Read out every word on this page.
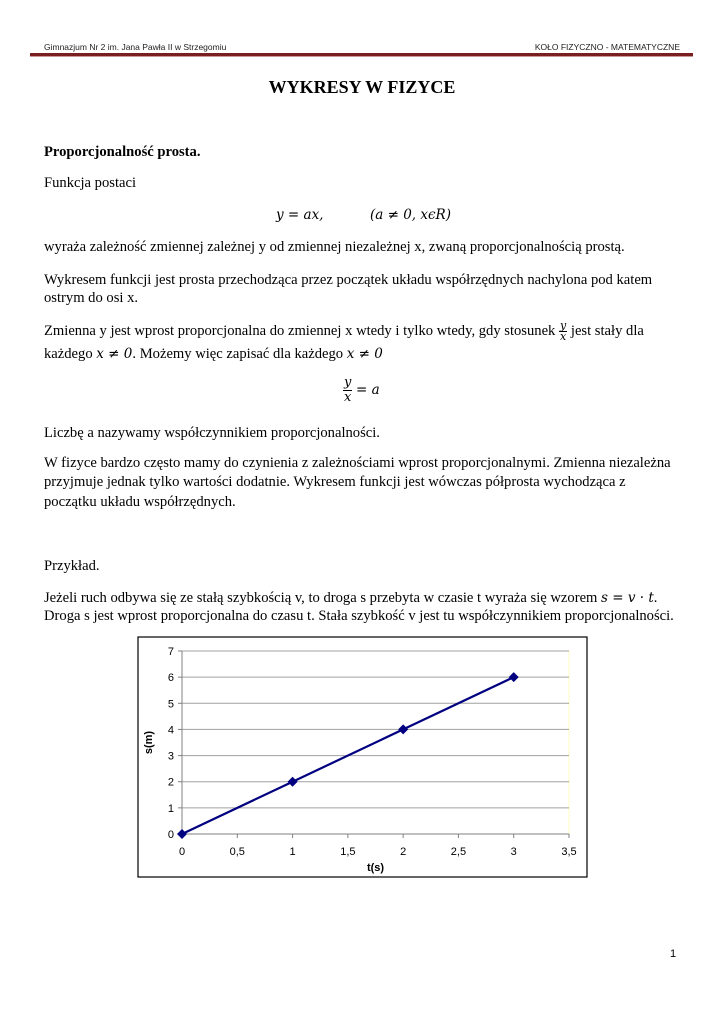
Gimnazjum Nr 2 im. Jana Pawła II w Strzegomiu	KOŁO FIZYCZNO - MATEMATYCZNE
WYKRESY W FIZYCE
Proporcjonalność prosta.
Funkcja postaci
y = ax,	(a ≠ 0, xϵR)
wyraża zależność zmiennej zależnej y od zmiennej niezależnej x, zwaną proporcjonalnością prostą.
Wykresem funkcji jest prosta przechodząca przez początek układu współrzędnych nachylona pod katem
ostrym do osi x.
Zmienna y jest wprost proporcjonalna do zmiennej x wtedy i tylko wtedy, gdy stosunek $\frac{y}{x}$ jest stały dla
każdego x ≠ 0. Możemy więc zapisać dla każdego x ≠ 0
$\frac{y}{x} = a$
Liczbę a nazywamy współczynnikiem proporcjonalności.
W fizyce bardzo często mamy do czynienia z zależnościami wprost proporcjonalnymi. Zmienna niezależna
przyjmuje jednak tylko wartości dodatnie. Wykresem funkcji jest wówczas półprosta wychodząca z
początku układu współrzędnych.
Przykład.
Jeżeli ruch odbywa się ze stałą szybkością v, to droga s przebyta w czasie t wyraża się wzorem s = v · t.
Droga s jest wprost proporcjonalna do czasu t. Stała szybkość v jest tu współczynnikiem proporcjonalności.
0
1
2
3
4
5
6
7
0	0,5	1	1,5	2	2,5	3	3,5
t(s)
s(m)
1
